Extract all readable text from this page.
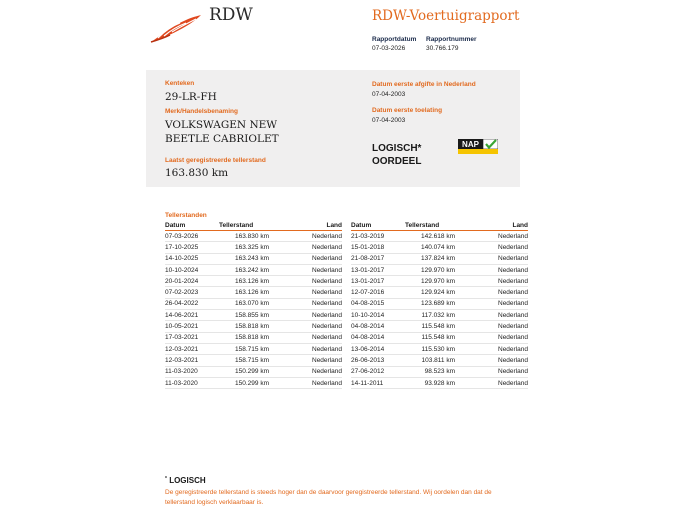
RDW	RDW-Voertuigrapport
Rapportdatum
07-03-2026
Rapportnummer
30.766.179
Kenteken
29-LR-FH
Merk/Handelsbenaming
VOLKSWAGEN NEW
BEETLE CABRIOLET
Laatst geregistreerde tellerstand
163.830 km
Datum eerste afgifte in Nederland
07-04-2003
Datum eerste toelating
07-04-2003
LOGISCH*
OORDEEL
NAP
Tellerstanden
Datum	Tellerstand	Land
07-03-2026	163.830 km	Nederland
17-10-2025	163.325 km	Nederland
14-10-2025	163.243 km	Nederland
10-10-2024	163.242 km	Nederland
20-01-2024	163.126 km	Nederland
07-02-2023	163.126 km	Nederland
26-04-2022	163.070 km	Nederland
14-06-2021	158.855 km	Nederland
10-05-2021	158.818 km	Nederland
17-03-2021	158.818 km	Nederland
12-03-2021	158.715 km	Nederland
12-03-2021	158.715 km	Nederland
11-03-2020	150.299 km	Nederland
11-03-2020	150.299 km	Nederland
Datum	Tellerstand	Land
21-03-2019	142.618 km	Nederland
15-01-2018	140.074 km	Nederland
21-08-2017	137.824 km	Nederland
13-01-2017	129.970 km	Nederland
13-01-2017	129.970 km	Nederland
12-07-2016	129.924 km	Nederland
04-08-2015	123.689 km	Nederland
10-10-2014	117.032 km	Nederland
04-08-2014	115.548 km	Nederland
04-08-2014	115.548 km	Nederland
13-06-2014	115.530 km	Nederland
26-06-2013	103.811 km	Nederland
27-06-2012	98.523 km	Nederland
14-11-2011	93.928 km	Nederland
* LOGISCH
De geregistreerde tellerstand is steeds hoger dan de daarvoor geregistreerde tellerstand. Wij oordelen dan dat de tellerstand logisch verklaarbaar is.
